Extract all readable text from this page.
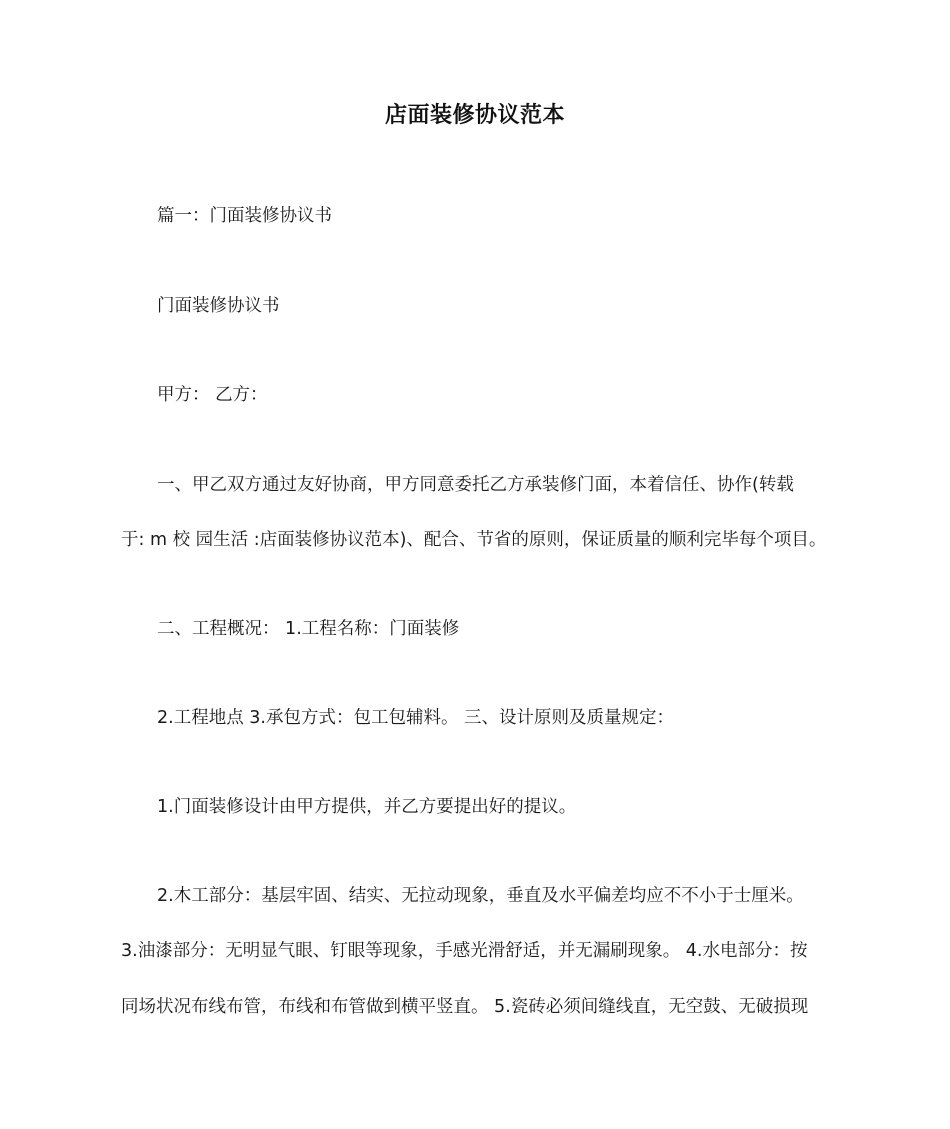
店面装修协议范本

篇一：门面装修协议书

门面装修协议书

甲方： 乙方：

一、甲乙双方通过友好协商，甲方同意委托乙方承装修门面，本着信任、协作(转载

于: m 校 园生活 :店面装修协议范本)、配合、节省的原则，保证质量的顺利完毕每个项目。

二、工程概况： 1.工程名称：门面装修

2.工程地点 3.承包方式：包工包辅料。 三、设计原则及质量规定：

1.门面装修设计由甲方提供，并乙方要提出好的提议。

2.木工部分：基层牢固、结实、无拉动现象，垂直及水平偏差均应不不小于士厘米。

3.油漆部分：无明显气眼、钉眼等现象，手感光滑舒适，并无漏刷现象。 4.水电部分：按

同场状况布线布管，布线和布管做到横平竖直。 5.瓷砖必须间缝线直，无空鼓、无破损现
